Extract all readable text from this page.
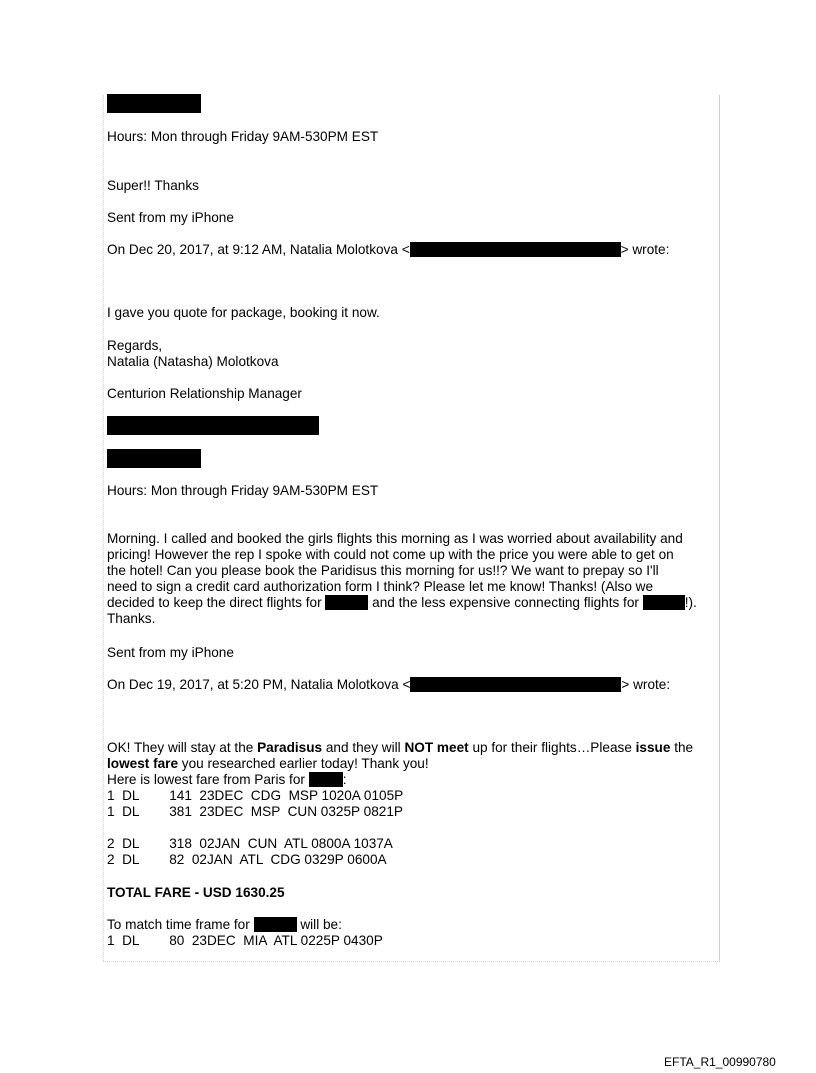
Hours: Mon through Friday 9AM-530PM EST
Super!! Thanks
Sent from my iPhone
On Dec 20, 2017, at 9:12 AM, Natalia Molotkova <	> wrote:
I gave you quote for package, booking it now.
Regards,
Natalia (Natasha) Molotkova
Centurion Relationship Manager
Hours: Mon through Friday 9AM-530PM EST
Morning. I called and booked the girls flights this morning as I was worried about availability and
pricing! However the rep I spoke with could not come up with the price you were able to get on
the hotel! Can you please book the Paridisus this morning for us!!? We want to prepay so I'll
need to sign a credit card authorization form I think? Please let me know! Thanks! (Also we
decided to keep the direct flights for	and the less expensive connecting flights for	!).
Thanks.
Sent from my iPhone
On Dec 19, 2017, at 5:20 PM, Natalia Molotkova <	> wrote:
OK! They will stay at the Paradisus and they will NOT meet up for their flights…Please issue the
lowest fare you researched earlier today! Thank you!
Here is lowest fare from Paris for	:
1  DL        141  23DEC  CDG  MSP 1020A 0105P
1  DL        381  23DEC  MSP  CUN 0325P 0821P
2  DL        318  02JAN  CUN  ATL 0800A 1037A
2  DL        82  02JAN  ATL  CDG 0329P 0600A
TOTAL FARE - USD 1630.25
To match time frame for	will be:
1  DL        80  23DEC  MIA  ATL 0225P 0430P
EFTA_R1_00990780
